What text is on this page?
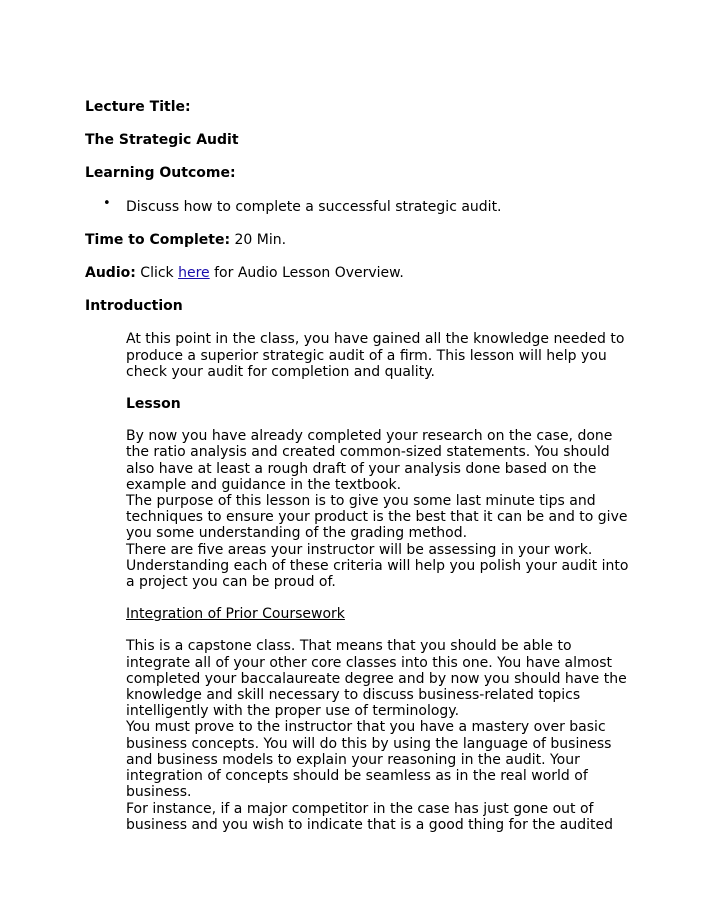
Lecture Title:

The Strategic Audit

Learning Outcome:

• Discuss how to complete a successful strategic audit.

Time to Complete: 20 Min.

Audio: Click here for Audio Lesson Overview.

Introduction

At this point in the class, you have gained all the knowledge needed to produce a superior strategic audit of a firm. This lesson will help you check your audit for completion and quality.

Lesson

By now you have already completed your research on the case, done the ratio analysis and created common-sized statements. You should also have at least a rough draft of your analysis done based on the example and guidance in the textbook.

The purpose of this lesson is to give you some last minute tips and techniques to ensure your product is the best that it can be and to give you some understanding of the grading method.

There are five areas your instructor will be assessing in your work. Understanding each of these criteria will help you polish your audit into a project you can be proud of.

Integration of Prior Coursework

This is a capstone class. That means that you should be able to integrate all of your other core classes into this one. You have almost completed your baccalaureate degree and by now you should have the knowledge and skill necessary to discuss business-related topics intelligently with the proper use of terminology.

You must prove to the instructor that you have a mastery over basic business concepts. You will do this by using the language of business and business models to explain your reasoning in the audit. Your integration of concepts should be seamless as in the real world of business.

For instance, if a major competitor in the case has just gone out of business and you wish to indicate that is a good thing for the audited
